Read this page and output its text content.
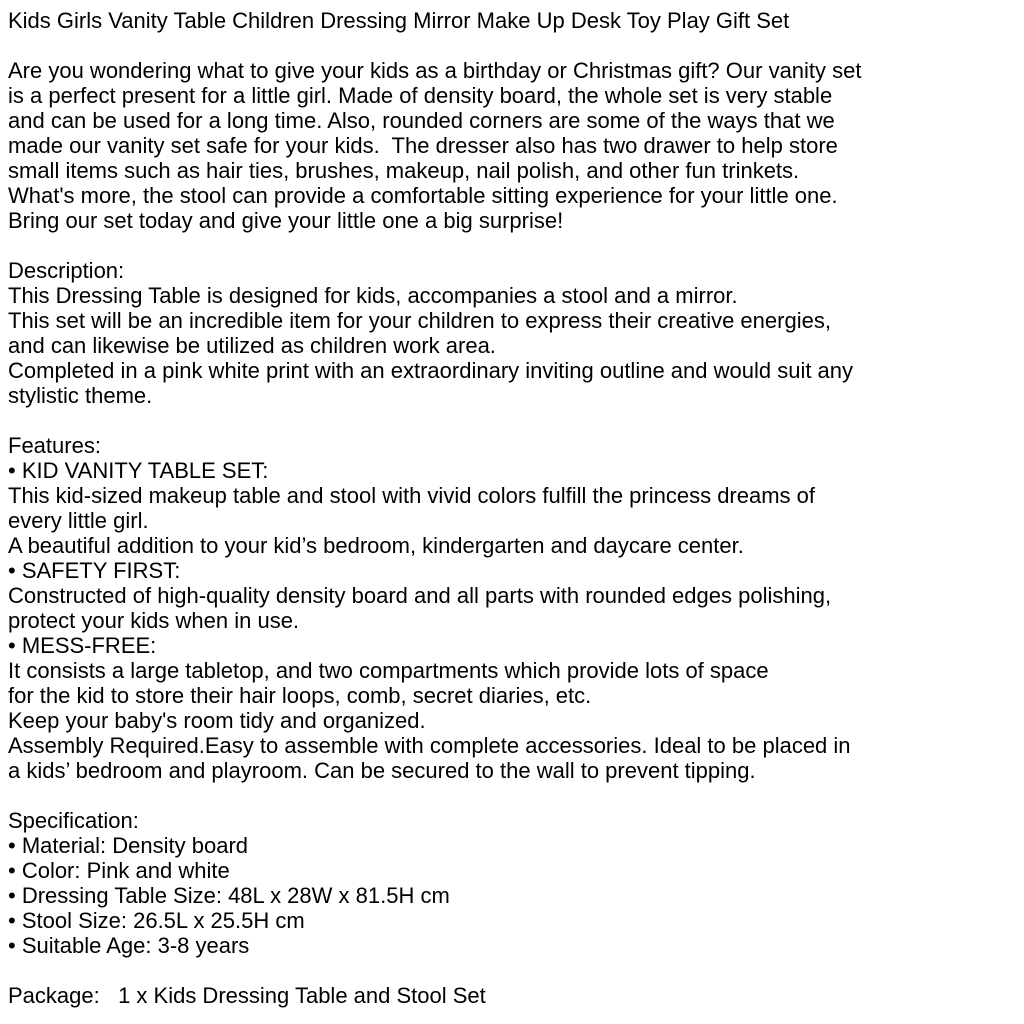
Kids Girls Vanity Table Children Dressing Mirror Make Up Desk Toy Play Gift Set
Are you wondering what to give your kids as a birthday or Christmas gift? Our vanity set
is a perfect present for a little girl. Made of density board, the whole set is very stable
and can be used for a long time. Also, rounded corners are some of the ways that we
made our vanity set safe for your kids.  The dresser also has two drawer to help store
small items such as hair ties, brushes, makeup, nail polish, and other fun trinkets.
What's more, the stool can provide a comfortable sitting experience for your little one.
Bring our set today and give your little one a big surprise!
Description:
This Dressing Table is designed for kids, accompanies a stool and a mirror.
This set will be an incredible item for your children to express their creative energies,
and can likewise be utilized as children work area.
Completed in a pink white print with an extraordinary inviting outline and would suit any
stylistic theme.
Features:
• KID VANITY TABLE SET:
This kid-sized makeup table and stool with vivid colors fulfill the princess dreams of
every little girl.
A beautiful addition to your kid’s bedroom, kindergarten and daycare center.
• SAFETY FIRST:
Constructed of high-quality density board and all parts with rounded edges polishing,
protect your kids when in use.
• MESS-FREE:
It consists a large tabletop, and two compartments which provide lots of space
for the kid to store their hair loops, comb, secret diaries, etc.
Keep your baby's room tidy and organized.
Assembly Required.Easy to assemble with complete accessories. Ideal to be placed in
a kids’ bedroom and playroom. Can be secured to the wall to prevent tipping.
Specification:
• Material: Density board
• Color: Pink and white
• Dressing Table Size: 48L x 28W x 81.5H cm
• Stool Size: 26.5L x 25.5H cm
• Suitable Age: 3-8 years
Package:   1 x Kids Dressing Table and Stool Set
